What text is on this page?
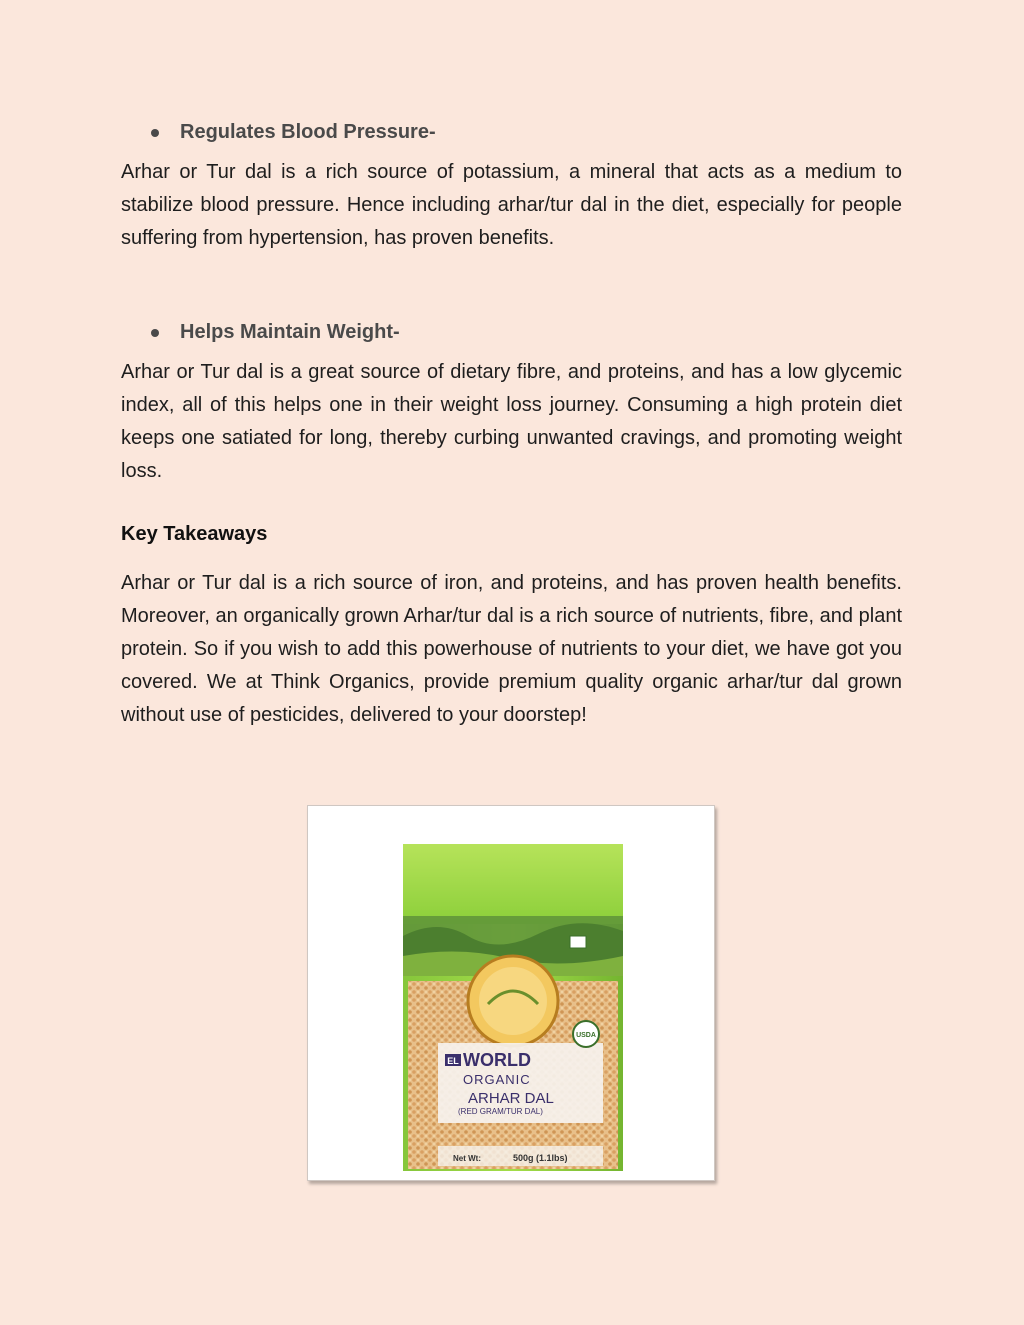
Regulates Blood Pressure-

Arhar or Tur dal is a rich source of potassium, a mineral that acts as a medium to stabilize blood pressure. Hence including arhar/tur dal in the diet, especially for people suffering from hypertension, has proven benefits.

Helps Maintain Weight-

Arhar or Tur dal is a great source of dietary fibre, and proteins, and has a low glycemic index, all of this helps one in their weight loss journey. Consuming a high protein diet keeps one satiated for long, thereby curbing unwanted cravings, and promoting weight loss.

Key Takeaways

Arhar or Tur dal is a rich source of iron, and proteins, and has proven health benefits. Moreover, an organically grown Arhar/tur dal is a rich source of nutrients, fibre, and plant protein. So if you wish to add this powerhouse of nutrients to your diet, we have got you covered. We at Think Organics, provide premium quality organic arhar/tur dal grown without use of pesticides, delivered to your doorstep!

USDA
EL WORLD
ORGANIC
ARHAR DAL
(RED GRAM/TUR DAL)
Net Wt:	500g (1.1lbs)
